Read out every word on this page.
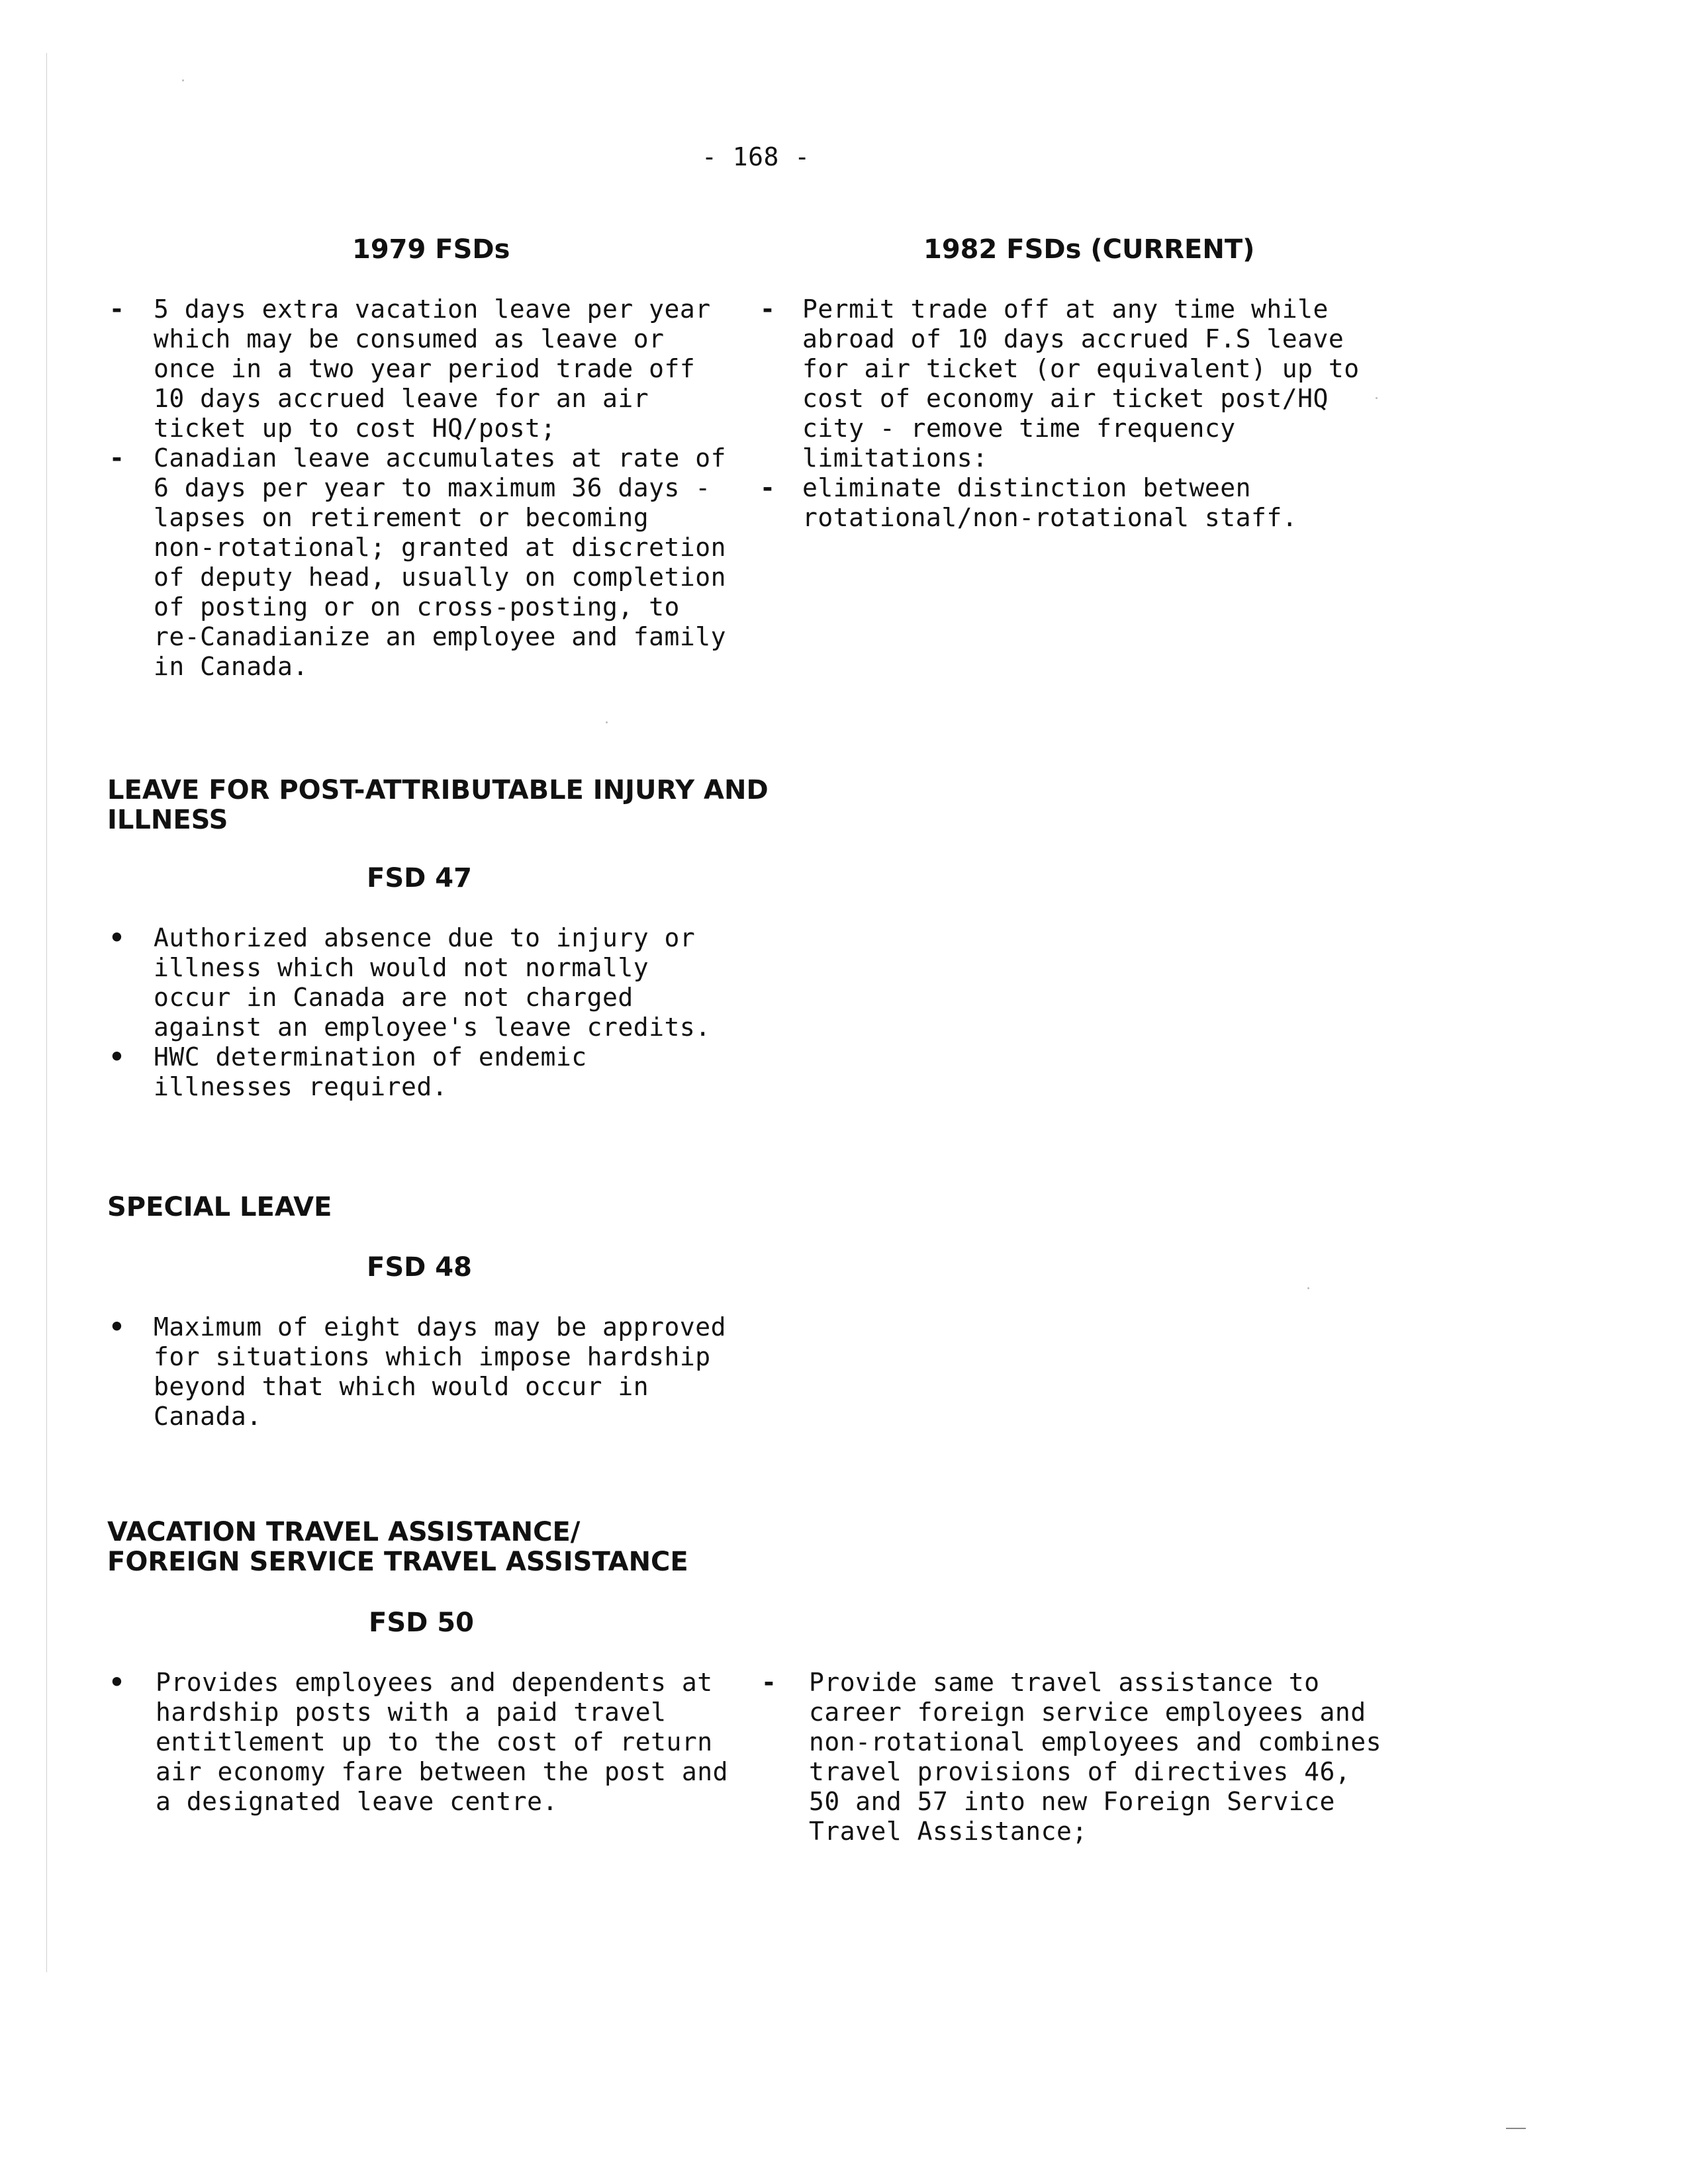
- 168 -
1979 FSDs	1982 FSDs (CURRENT)
- 5 days extra vacation leave per year
which may be consumed as leave or
once in a two year period trade off
10 days accrued leave for an air
ticket up to cost HQ/post;
- Canadian leave accumulates at rate of
6 days per year to maximum 36 days -
lapses on retirement or becoming
non-rotational; granted at discretion
of deputy head, usually on completion
of posting or on cross-posting, to
re-Canadianize an employee and family
in Canada.
- Permit trade off at any time while
abroad of 10 days accrued F.S leave
for air ticket (or equivalent) up to
cost of economy air ticket post/HQ
city - remove time frequency
limitations:
- eliminate distinction between
rotational/non-rotational staff.
LEAVE FOR POST-ATTRIBUTABLE INJURY AND
ILLNESS
FSD 47
• Authorized absence due to injury or
illness which would not normally
occur in Canada are not charged
against an employee's leave credits.
• HWC determination of endemic
illnesses required.
SPECIAL LEAVE
FSD 48
• Maximum of eight days may be approved
for situations which impose hardship
beyond that which would occur in
Canada.
VACATION TRAVEL ASSISTANCE/
FOREIGN SERVICE TRAVEL ASSISTANCE
FSD 50
• Provides employees and dependents at
hardship posts with a paid travel
entitlement up to the cost of return
air economy fare between the post and
a designated leave centre.
- Provide same travel assistance to
career foreign service employees and
non-rotational employees and combines
travel provisions of directives 46,
50 and 57 into new Foreign Service
Travel Assistance;
